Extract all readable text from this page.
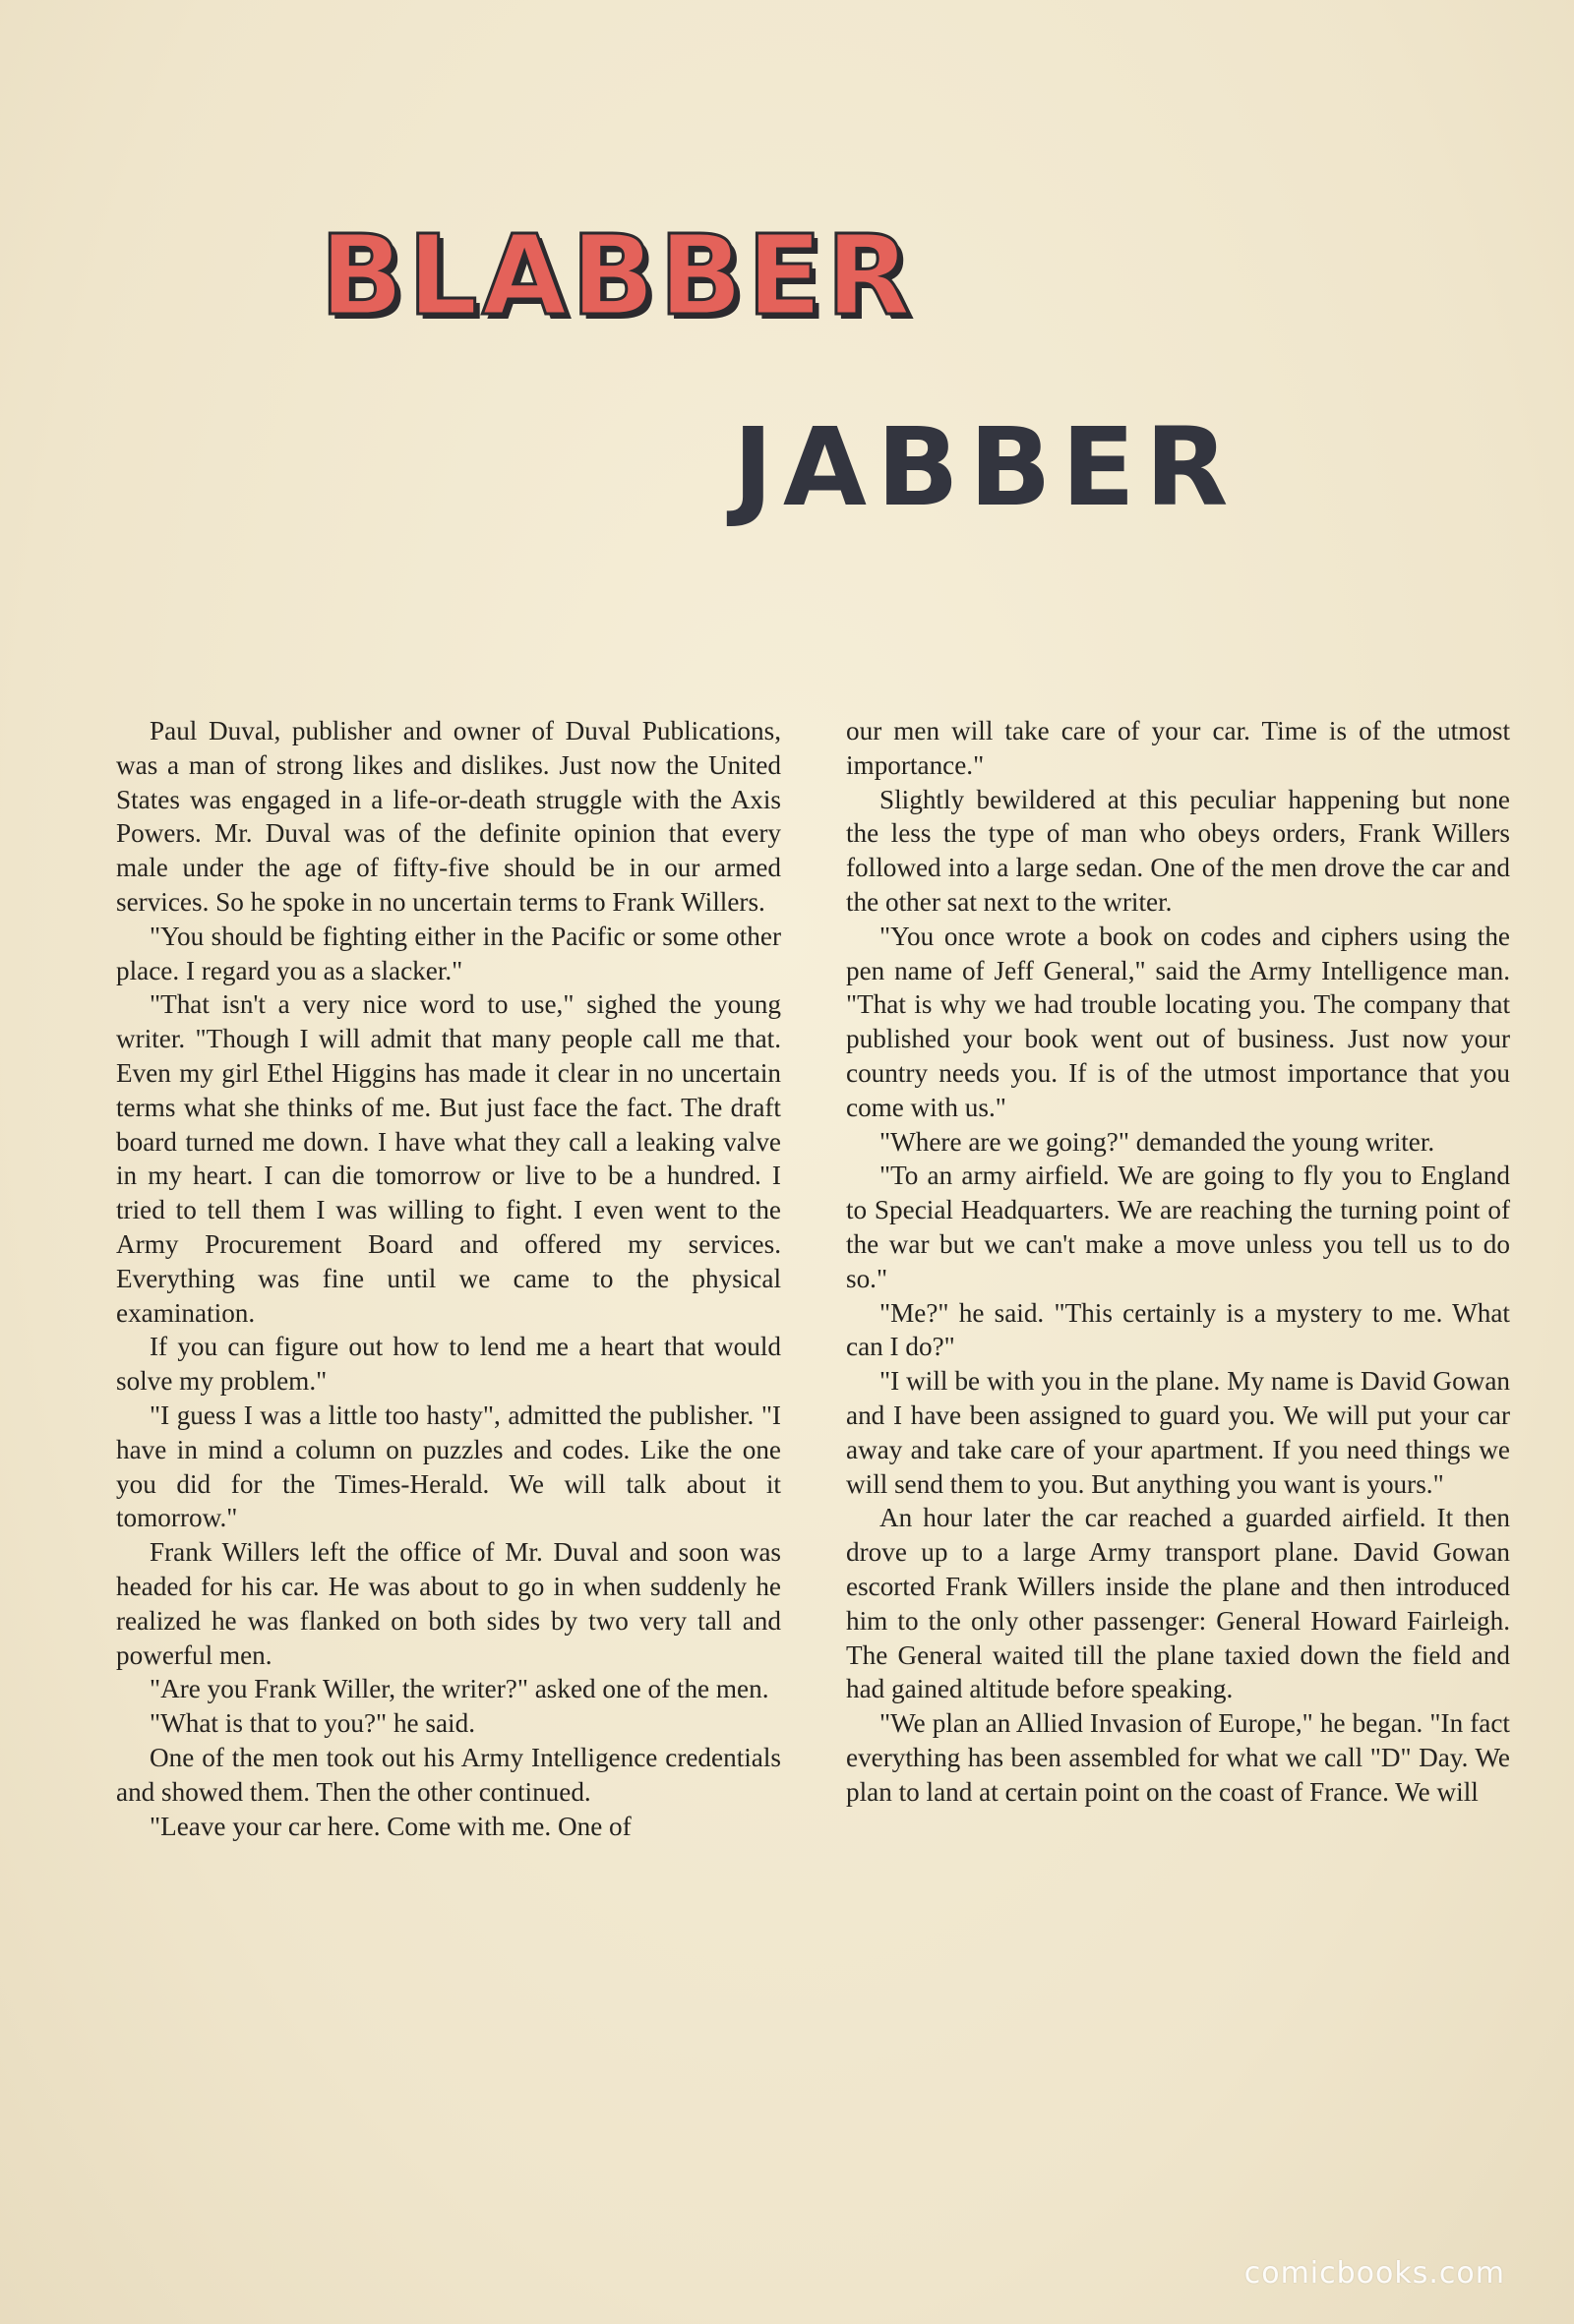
BLABBER
JABBER

Paul Duval, publisher and owner of Duval Publications, was a man of strong likes and dislikes. Just now the United States was engaged in a life-or-death struggle with the Axis Powers. Mr. Duval was of the definite opinion that every male under the age of fifty-five should be in our armed services. So he spoke in no uncertain terms to Frank Willers.

"You should be fighting either in the Pacific or some other place. I regard you as a slacker."

"That isn't a very nice word to use," sighed the young writer. "Though I will admit that many people call me that. Even my girl Ethel Higgins has made it clear in no uncertain terms what she thinks of me. But just face the fact. The draft board turned me down. I have what they call a leaking valve in my heart. I can die tomorrow or live to be a hundred. I tried to tell them I was willing to fight. I even went to the Army Procurement Board and offered my services. Everything was fine until we came to the physical examination.

If you can figure out how to lend me a heart that would solve my problem."

"I guess I was a little too hasty", admitted the publisher. "I have in mind a column on puzzles and codes. Like the one you did for the Times-Herald. We will talk about it tomorrow."

Frank Willers left the office of Mr. Duval and soon was headed for his car. He was about to go in when suddenly he realized he was flanked on both sides by two very tall and powerful men.

"Are you Frank Willer, the writer?" asked one of the men.

"What is that to you?" he said.

One of the men took out his Army Intelligence credentials and showed them. Then the other continued.

"Leave your car here. Come with me. One of

our men will take care of your car. Time is of the utmost importance."

Slightly bewildered at this peculiar happening but none the less the type of man who obeys orders, Frank Willers followed into a large sedan. One of the men drove the car and the other sat next to the writer.

"You once wrote a book on codes and ciphers using the pen name of Jeff General," said the Army Intelligence man. "That is why we had trouble locating you. The company that published your book went out of business. Just now your country needs you. If is of the utmost importance that you come with us."

"Where are we going?" demanded the young writer.

"To an army airfield. We are going to fly you to England to Special Headquarters. We are reaching the turning point of the war but we can't make a move unless you tell us to do so."

"Me?" he said. "This certainly is a mystery to me. What can I do?"

"I will be with you in the plane. My name is David Gowan and I have been assigned to guard you. We will put your car away and take care of your apartment. If you need things we will send them to you. But anything you want is yours."

An hour later the car reached a guarded airfield. It then drove up to a large Army transport plane. David Gowan escorted Frank Willers inside the plane and then introduced him to the only other passenger: General Howard Fairleigh. The General waited till the plane taxied down the field and had gained altitude before speaking.

"We plan an Allied Invasion of Europe," he began. "In fact everything has been assembled for what we call "D" Day. We plan to land at certain point on the coast of France. We will

comicbooks.com
